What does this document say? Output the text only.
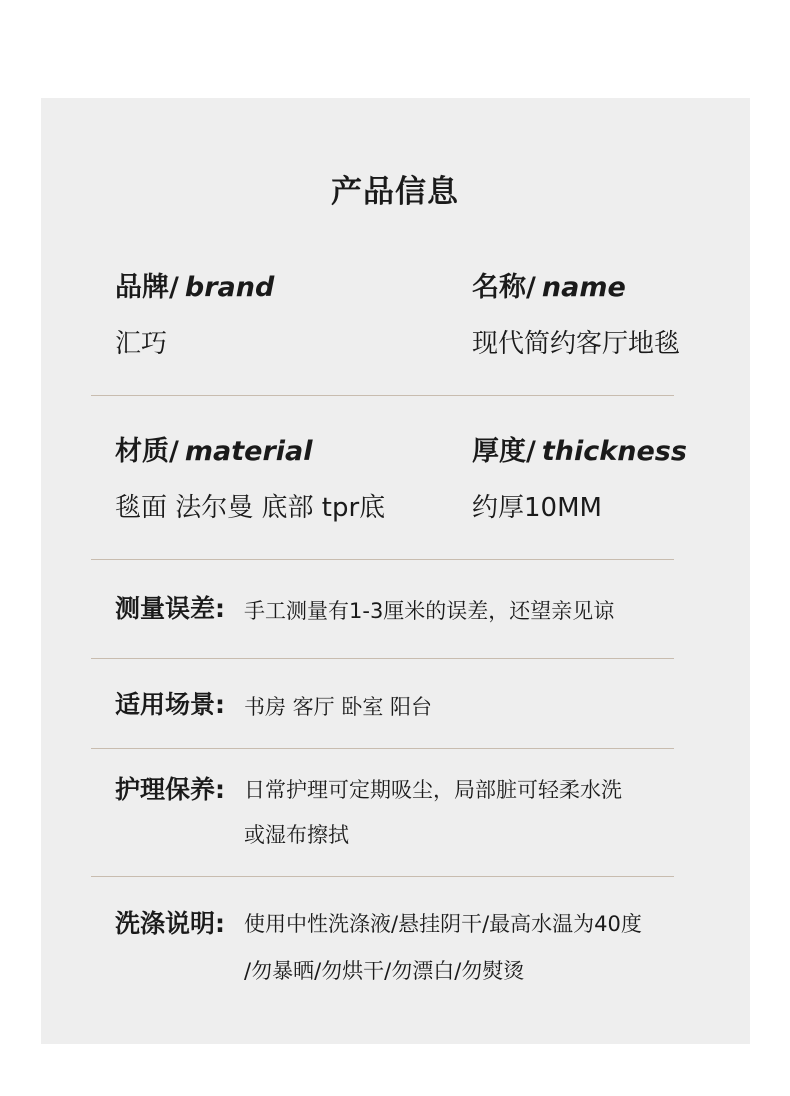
产品信息
品牌/ brand
汇巧
名称/ name
现代简约客厅地毯
材质/ material
毯面 法尔曼 底部 tpr底
厚度/ thickness
约厚10MM
测量误差: 手工测量有1-3厘米的误差，还望亲见谅
适用场景: 书房 客厅 卧室 阳台
护理保养: 日常护理可定期吸尘，局部脏可轻柔水洗
或湿布擦拭
洗涤说明: 使用中性洗涤液/悬挂阴干/最高水温为40度
/勿暴晒/勿烘干/勿漂白/勿熨烫
